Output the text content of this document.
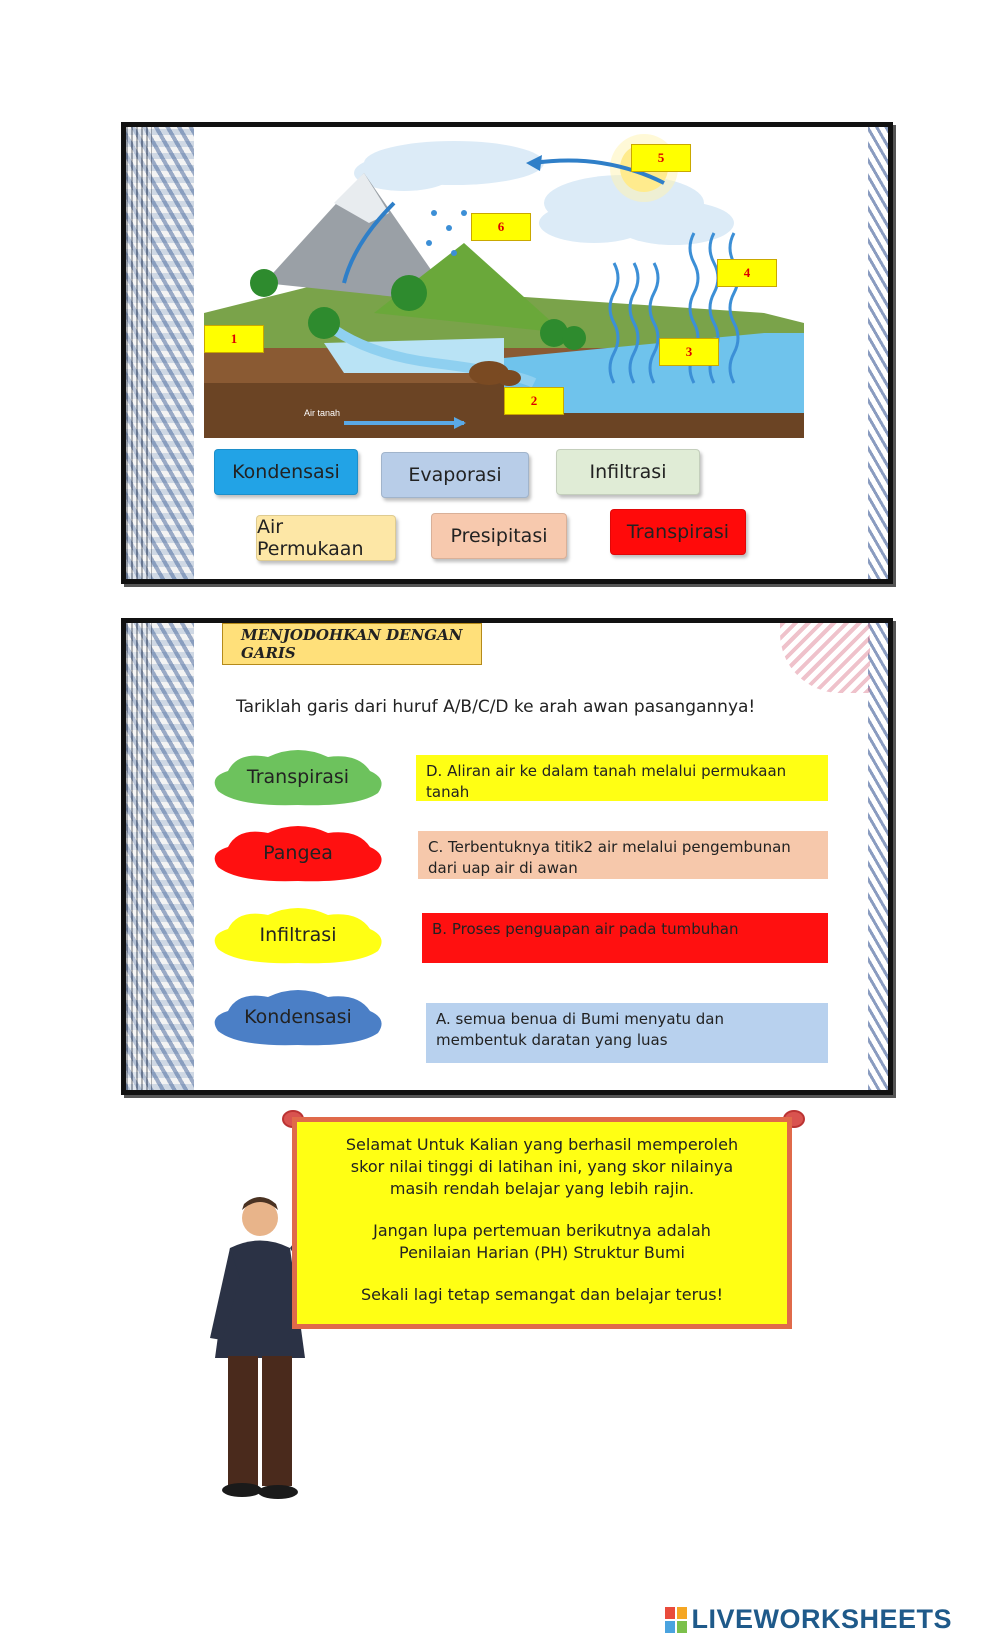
Air tanah
1
2
3
4
5
6
Kondensasi	Evaporasi	Infiltrasi
Air Permukaan
Presipitasi	Transpirasi
MENJODOHKAN DENGAN GARIS
Tariklah garis dari huruf A/B/C/D ke arah awan pasangannya!
Transpirasi
Pangea
Infiltrasi
Kondensasi
D. Aliran air ke dalam tanah melalui permukaan tanah
C. Terbentuknya titik2 air melalui pengembunan dari uap air di awan
B. Proses penguapan air pada tumbuhan
A. semua benua di Bumi menyatu dan membentuk daratan yang luas

Selamat Untuk Kalian yang berhasil memperoleh skor nilai tinggi di latihan ini, yang skor nilainya masih rendah belajar yang lebih rajin.

Jangan lupa pertemuan berikutnya adalah Penilaian Harian (PH) Struktur Bumi

Sekali lagi tetap semangat dan belajar terus!

LIVEWORKSHEETS
